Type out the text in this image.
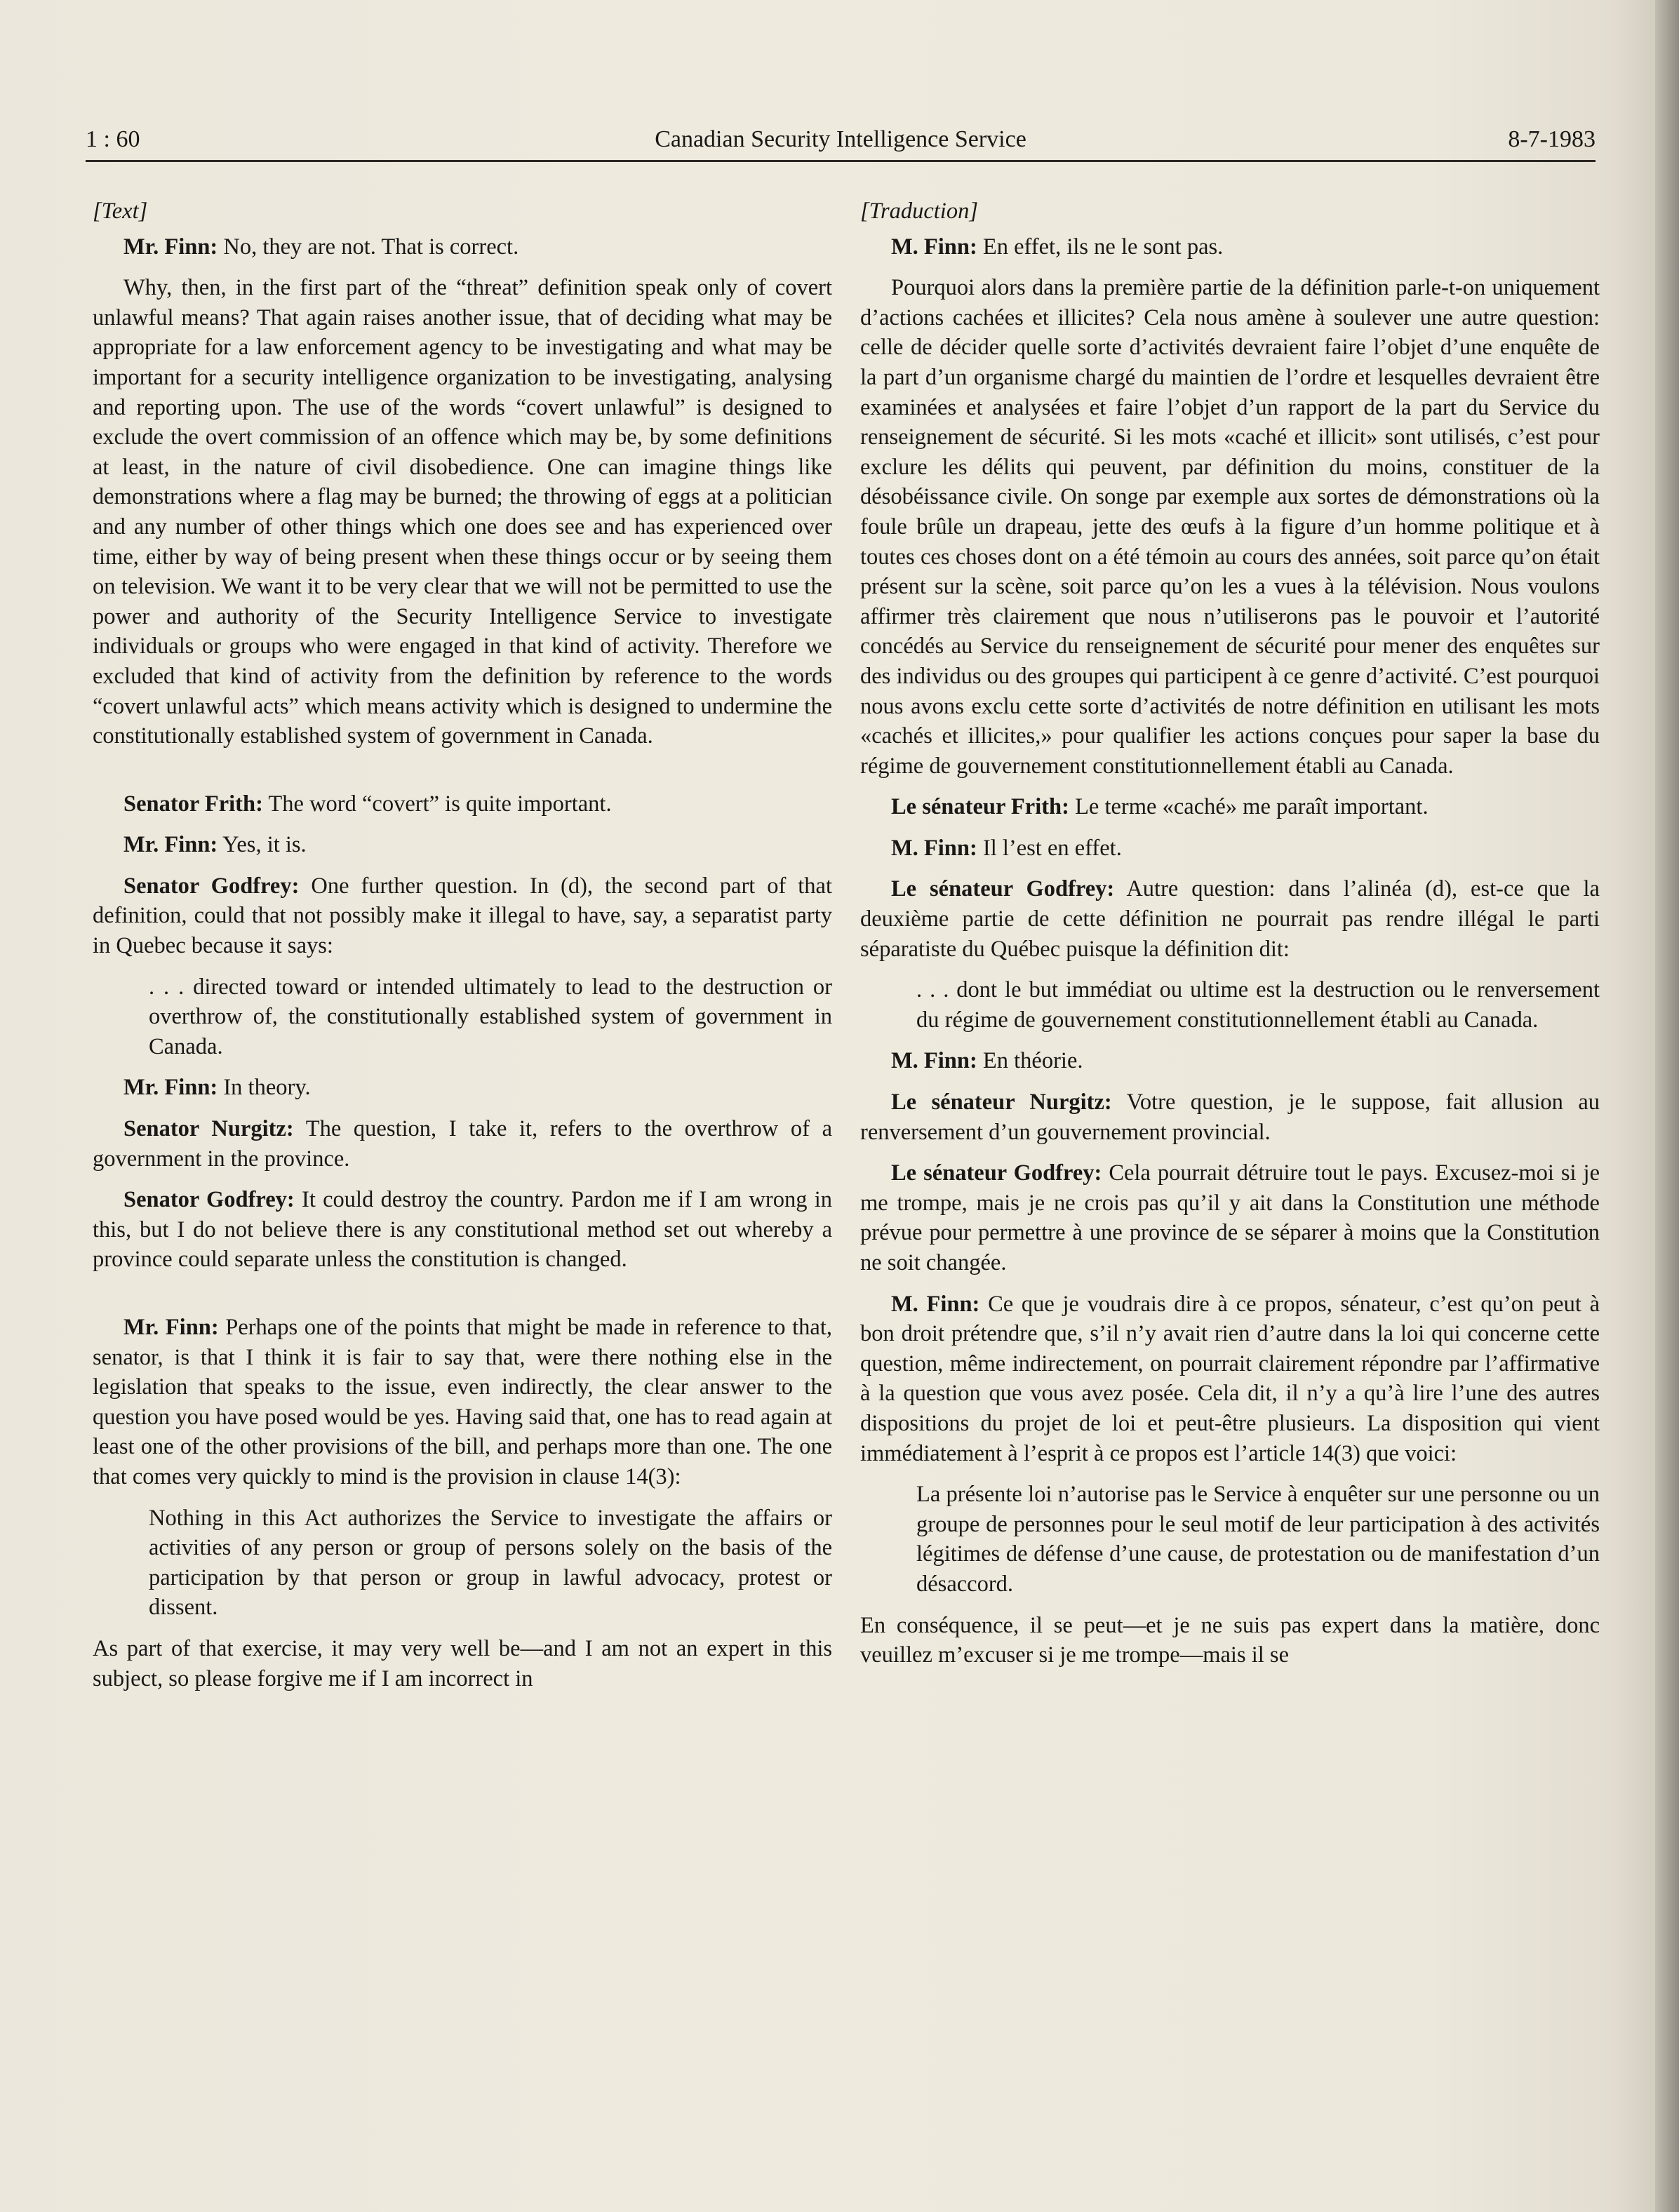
1 : 60	Canadian Security Intelligence Service	8-7-1983

[Text]

Mr. Finn: No, they are not. That is correct.

Why, then, in the first part of the “threat” definition speak only of covert unlawful means? That again raises another issue, that of deciding what may be appropriate for a law enforcement agency to be investigating and what may be important for a security intelligence organization to be investigating, analysing and reporting upon. The use of the words “covert unlawful” is designed to exclude the overt commission of an offence which may be, by some definitions at least, in the nature of civil disobedience. One can imagine things like demonstrations where a flag may be burned; the throwing of eggs at a politician and any number of other things which one does see and has experienced over time, either by way of being present when these things occur or by seeing them on television. We want it to be very clear that we will not be permitted to use the power and authority of the Security Intelligence Service to investigate individuals or groups who were engaged in that kind of activity. Therefore we excluded that kind of activity from the definition by reference to the words “covert unlawful acts” which means activity which is designed to undermine the constitutionally established system of government in Canada.

Senator Frith: The word “covert” is quite important.

Mr. Finn: Yes, it is.

Senator Godfrey: One further question. In (d), the second part of that definition, could that not possibly make it illegal to have, say, a separatist party in Quebec because it says:

. . . directed toward or intended ultimately to lead to the destruction or overthrow of, the constitutionally established system of government in Canada.

Mr. Finn: In theory.

Senator Nurgitz: The question, I take it, refers to the overthrow of a government in the province.

Senator Godfrey: It could destroy the country. Pardon me if I am wrong in this, but I do not believe there is any constitutional method set out whereby a province could separate unless the constitution is changed.

Mr. Finn: Perhaps one of the points that might be made in reference to that, senator, is that I think it is fair to say that, were there nothing else in the legislation that speaks to the issue, even indirectly, the clear answer to the question you have posed would be yes. Having said that, one has to read again at least one of the other provisions of the bill, and perhaps more than one. The one that comes very quickly to mind is the provision in clause 14(3):

Nothing in this Act authorizes the Service to investigate the affairs or activities of any person or group of persons solely on the basis of the participation by that person or group in lawful advocacy, protest or dissent.

As part of that exercise, it may very well be—and I am not an expert in this subject, so please forgive me if I am incorrect in

[Traduction]

M. Finn: En effet, ils ne le sont pas.

Pourquoi alors dans la première partie de la définition parle-t-on uniquement d’actions cachées et illicites? Cela nous amène à soulever une autre question: celle de décider quelle sorte d’activités devraient faire l’objet d’une enquête de la part d’un organisme chargé du maintien de l’ordre et lesquelles devraient être examinées et analysées et faire l’objet d’un rapport de la part du Service du renseignement de sécurité. Si les mots «caché et illicit» sont utilisés, c’est pour exclure les délits qui peuvent, par définition du moins, constituer de la désobéissance civile. On songe par exemple aux sortes de démonstrations où la foule brûle un drapeau, jette des œufs à la figure d’un homme politique et à toutes ces choses dont on a été témoin au cours des années, soit parce qu’on était présent sur la scène, soit parce qu’on les a vues à la télévision. Nous voulons affirmer très clairement que nous n’utiliserons pas le pouvoir et l’autorité concédés au Service du renseignement de sécurité pour mener des enquêtes sur des individus ou des groupes qui participent à ce genre d’activité. C’est pourquoi nous avons exclu cette sorte d’activités de notre définition en utilisant les mots «cachés et illicites,» pour qualifier les actions conçues pour saper la base du régime de gouvernement constitutionnellement établi au Canada.

Le sénateur Frith: Le terme «caché» me paraît important.

M. Finn: Il l’est en effet.

Le sénateur Godfrey: Autre question: dans l’alinéa (d), est-ce que la deuxième partie de cette définition ne pourrait pas rendre illégal le parti séparatiste du Québec puisque la définition dit:

. . . dont le but immédiat ou ultime est la destruction ou le renversement du régime de gouvernement constitutionnellement établi au Canada.

M. Finn: En théorie.

Le sénateur Nurgitz: Votre question, je le suppose, fait allusion au renversement d’un gouvernement provincial.

Le sénateur Godfrey: Cela pourrait détruire tout le pays. Excusez-moi si je me trompe, mais je ne crois pas qu’il y ait dans la Constitution une méthode prévue pour permettre à une province de se séparer à moins que la Constitution ne soit changée.

M. Finn: Ce que je voudrais dire à ce propos, sénateur, c’est qu’on peut à bon droit prétendre que, s’il n’y avait rien d’autre dans la loi qui concerne cette question, même indirectement, on pourrait clairement répondre par l’affirmative à la question que vous avez posée. Cela dit, il n’y a qu’à lire l’une des autres dispositions du projet de loi et peut-être plusieurs. La disposition qui vient immédiatement à l’esprit à ce propos est l’article 14(3) que voici:

La présente loi n’autorise pas le Service à enquêter sur une personne ou un groupe de personnes pour le seul motif de leur participation à des activités légitimes de défense d’une cause, de protestation ou de manifestation d’un désaccord.

En conséquence, il se peut—et je ne suis pas expert dans la matière, donc veuillez m’excuser si je me trompe—mais il se
